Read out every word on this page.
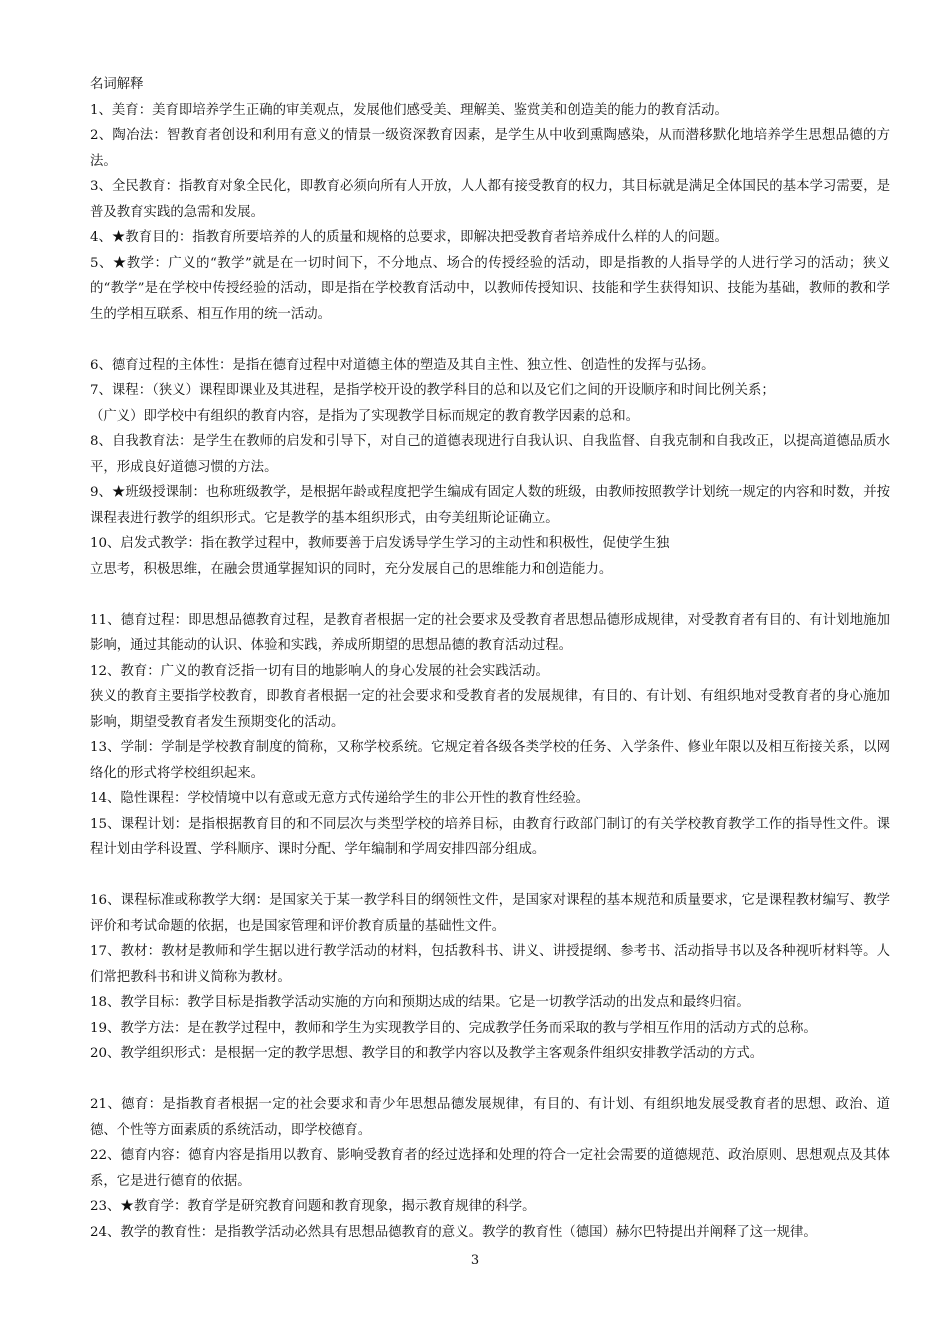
名词解释

1、美育：美育即培养学生正确的审美观点，发展他们感受美、理解美、鉴赏美和创造美的能力的教育活动。

2、陶冶法：智教育者创设和利用有意义的情景一级资深教育因素，是学生从中收到熏陶感染，从而潜移默化地培养学生思想品德的方法。

3、全民教育：指教育对象全民化，即教育必须向所有人开放，人人都有接受教育的权力，其目标就是满足全体国民的基本学习需要，是普及教育实践的急需和发展。

4、★教育目的：指教育所要培养的人的质量和规格的总要求，即解决把受教育者培养成什么样的人的问题。

5、★教学：广义的“教学”就是在一切时间下，不分地点、场合的传授经验的活动，即是指教的人指导学的人进行学习的活动；狭义的“教学”是在学校中传授经验的活动，即是指在学校教育活动中，以教师传授知识、技能和学生获得知识、技能为基础，教师的教和学生的学相互联系、相互作用的统一活动。

6、德育过程的主体性：是指在德育过程中对道德主体的塑造及其自主性、独立性、创造性的发挥与弘扬。

7、课程：（狭义）课程即课业及其进程，是指学校开设的教学科目的总和以及它们之间的开设顺序和时间比例关系；

（广义）即学校中有组织的教育内容，是指为了实现教学目标而规定的教育教学因素的总和。

8、自我教育法：是学生在教师的启发和引导下，对自己的道德表现进行自我认识、自我监督、自我克制和自我改正，以提高道德品质水平，形成良好道德习惯的方法。

9、★班级授课制：也称班级教学，是根据年龄或程度把学生编成有固定人数的班级，由教师按照教学计划统一规定的内容和时数，并按课程表进行教学的组织形式。它是教学的基本组织形式，由夸美纽斯论证确立。

10、启发式教学：指在教学过程中，教师要善于启发诱导学生学习的主动性和积极性，促使学生独

立思考，积极思维，在融会贯通掌握知识的同时，充分发展自己的思维能力和创造能力。

11、德育过程：即思想品德教育过程，是教育者根据一定的社会要求及受教育者思想品德形成规律，对受教育者有目的、有计划地施加影响，通过其能动的认识、体验和实践，养成所期望的思想品德的教育活动过程。

12、教育：广义的教育泛指一切有目的地影响人的身心发展的社会实践活动。

狭义的教育主要指学校教育，即教育者根据一定的社会要求和受教育者的发展规律，有目的、有计划、有组织地对受教育者的身心施加影响，期望受教育者发生预期变化的活动。

13、学制：学制是学校教育制度的简称，又称学校系统。它规定着各级各类学校的任务、入学条件、修业年限以及相互衔接关系，以网络化的形式将学校组织起来。

14、隐性课程：学校情境中以有意或无意方式传递给学生的非公开性的教育性经验。

15、课程计划：是指根据教育目的和不同层次与类型学校的培养目标，由教育行政部门制订的有关学校教育教学工作的指导性文件。课程计划由学科设置、学科顺序、课时分配、学年编制和学周安排四部分组成。

16、课程标准或称教学大纲：是国家关于某一教学科目的纲领性文件，是国家对课程的基本规范和质量要求，它是课程教材编写、教学评价和考试命题的依据，也是国家管理和评价教育质量的基础性文件。

17、教材：教材是教师和学生据以进行教学活动的材料，包括教科书、讲义、讲授提纲、参考书、活动指导书以及各种视听材料等。人们常把教科书和讲义简称为教材。

18、教学目标：教学目标是指教学活动实施的方向和预期达成的结果。它是一切教学活动的出发点和最终归宿。

19、教学方法：是在教学过程中，教师和学生为实现教学目的、完成教学任务而采取的教与学相互作用的活动方式的总称。

20、教学组织形式：是根据一定的教学思想、教学目的和教学内容以及教学主客观条件组织安排教学活动的方式。

21、德育：是指教育者根据一定的社会要求和青少年思想品德发展规律，有目的、有计划、有组织地发展受教育者的思想、政治、道德、个性等方面素质的系统活动，即学校德育。

22、德育内容：德育内容是指用以教育、影响受教育者的经过选择和处理的符合一定社会需要的道德规范、政治原则、思想观点及其体系，它是进行德育的依据。

23、★教育学：教育学是研究教育问题和教育现象，揭示教育规律的科学。

24、教学的教育性：是指教学活动必然具有思想品德教育的意义。教学的教育性（德国）赫尔巴特提出并阐释了这一规律。

3
